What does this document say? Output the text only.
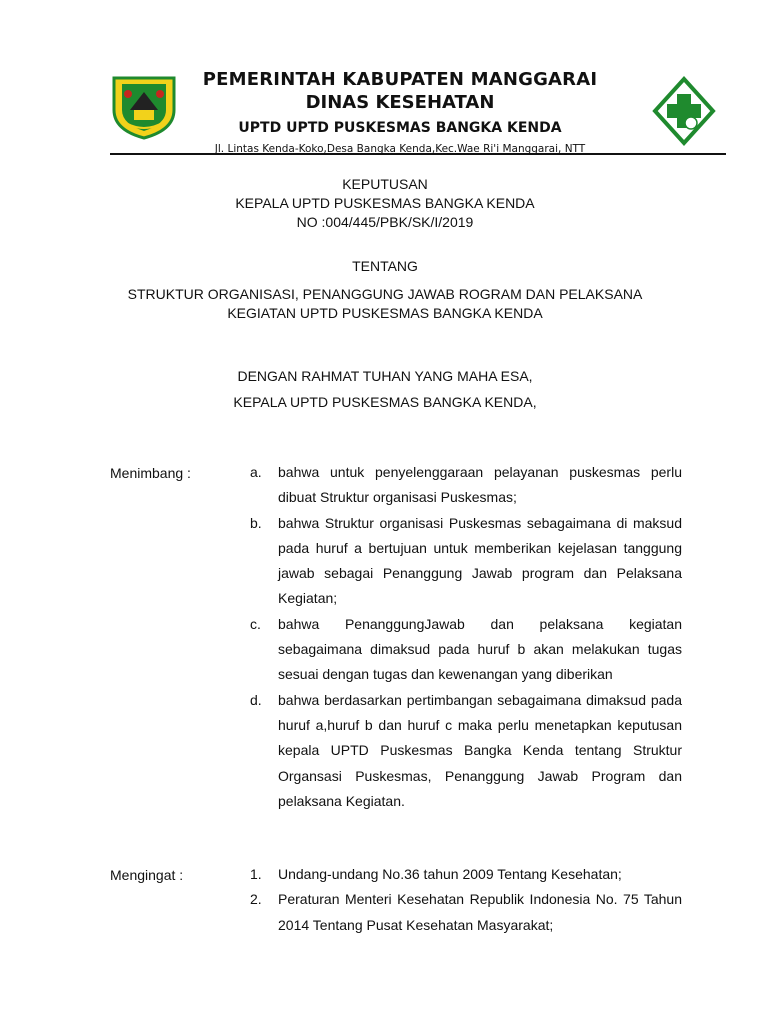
PEMERINTAH KABUPATEN MANGGARAI
DINAS KESEHATAN
UPTD UPTD PUSKESMAS BANGKA KENDA
Jl. Lintas Kenda-Koko,Desa Bangka Kenda,Kec.Wae Ri'i Manggarai, NTT
KEPUTUSAN
KEPALA UPTD PUSKESMAS BANGKA KENDA
NO :004/445/PBK/SK/I/2019
TENTANG
STRUKTUR ORGANISASI, PENANGGUNG JAWAB ROGRAM DAN PELAKSANA
KEGIATAN UPTD PUSKESMAS BANGKA KENDA
DENGAN RAHMAT TUHAN YANG MAHA ESA,
KEPALA UPTD PUSKESMAS BANGKA KENDA,
Menimbang :	a.	bahwa untuk penyelenggaraan pelayanan puskesmas perlu dibuat Struktur organisasi Puskesmas;
b.	bahwa Struktur organisasi Puskesmas sebagaimana di maksud pada huruf a bertujuan untuk memberikan kejelasan tanggung jawab sebagai Penanggung Jawab program dan Pelaksana Kegiatan;
c.	bahwa PenanggungJawab dan pelaksana kegiatan sebagaimana dimaksud pada huruf b akan melakukan tugas sesuai dengan tugas dan kewenangan yang diberikan
d.	bahwa berdasarkan pertimbangan sebagaimana dimaksud pada huruf a,huruf b dan huruf c maka perlu menetapkan keputusan kepala UPTD Puskesmas Bangka Kenda tentang Struktur Organsasi Puskesmas, Penanggung Jawab Program dan pelaksana Kegiatan.
Mengingat :	1.	Undang-undang No.36 tahun 2009 Tentang Kesehatan;
2.	Peraturan Menteri Kesehatan Republik Indonesia No. 75 Tahun 2014 Tentang Pusat Kesehatan Masyarakat;
